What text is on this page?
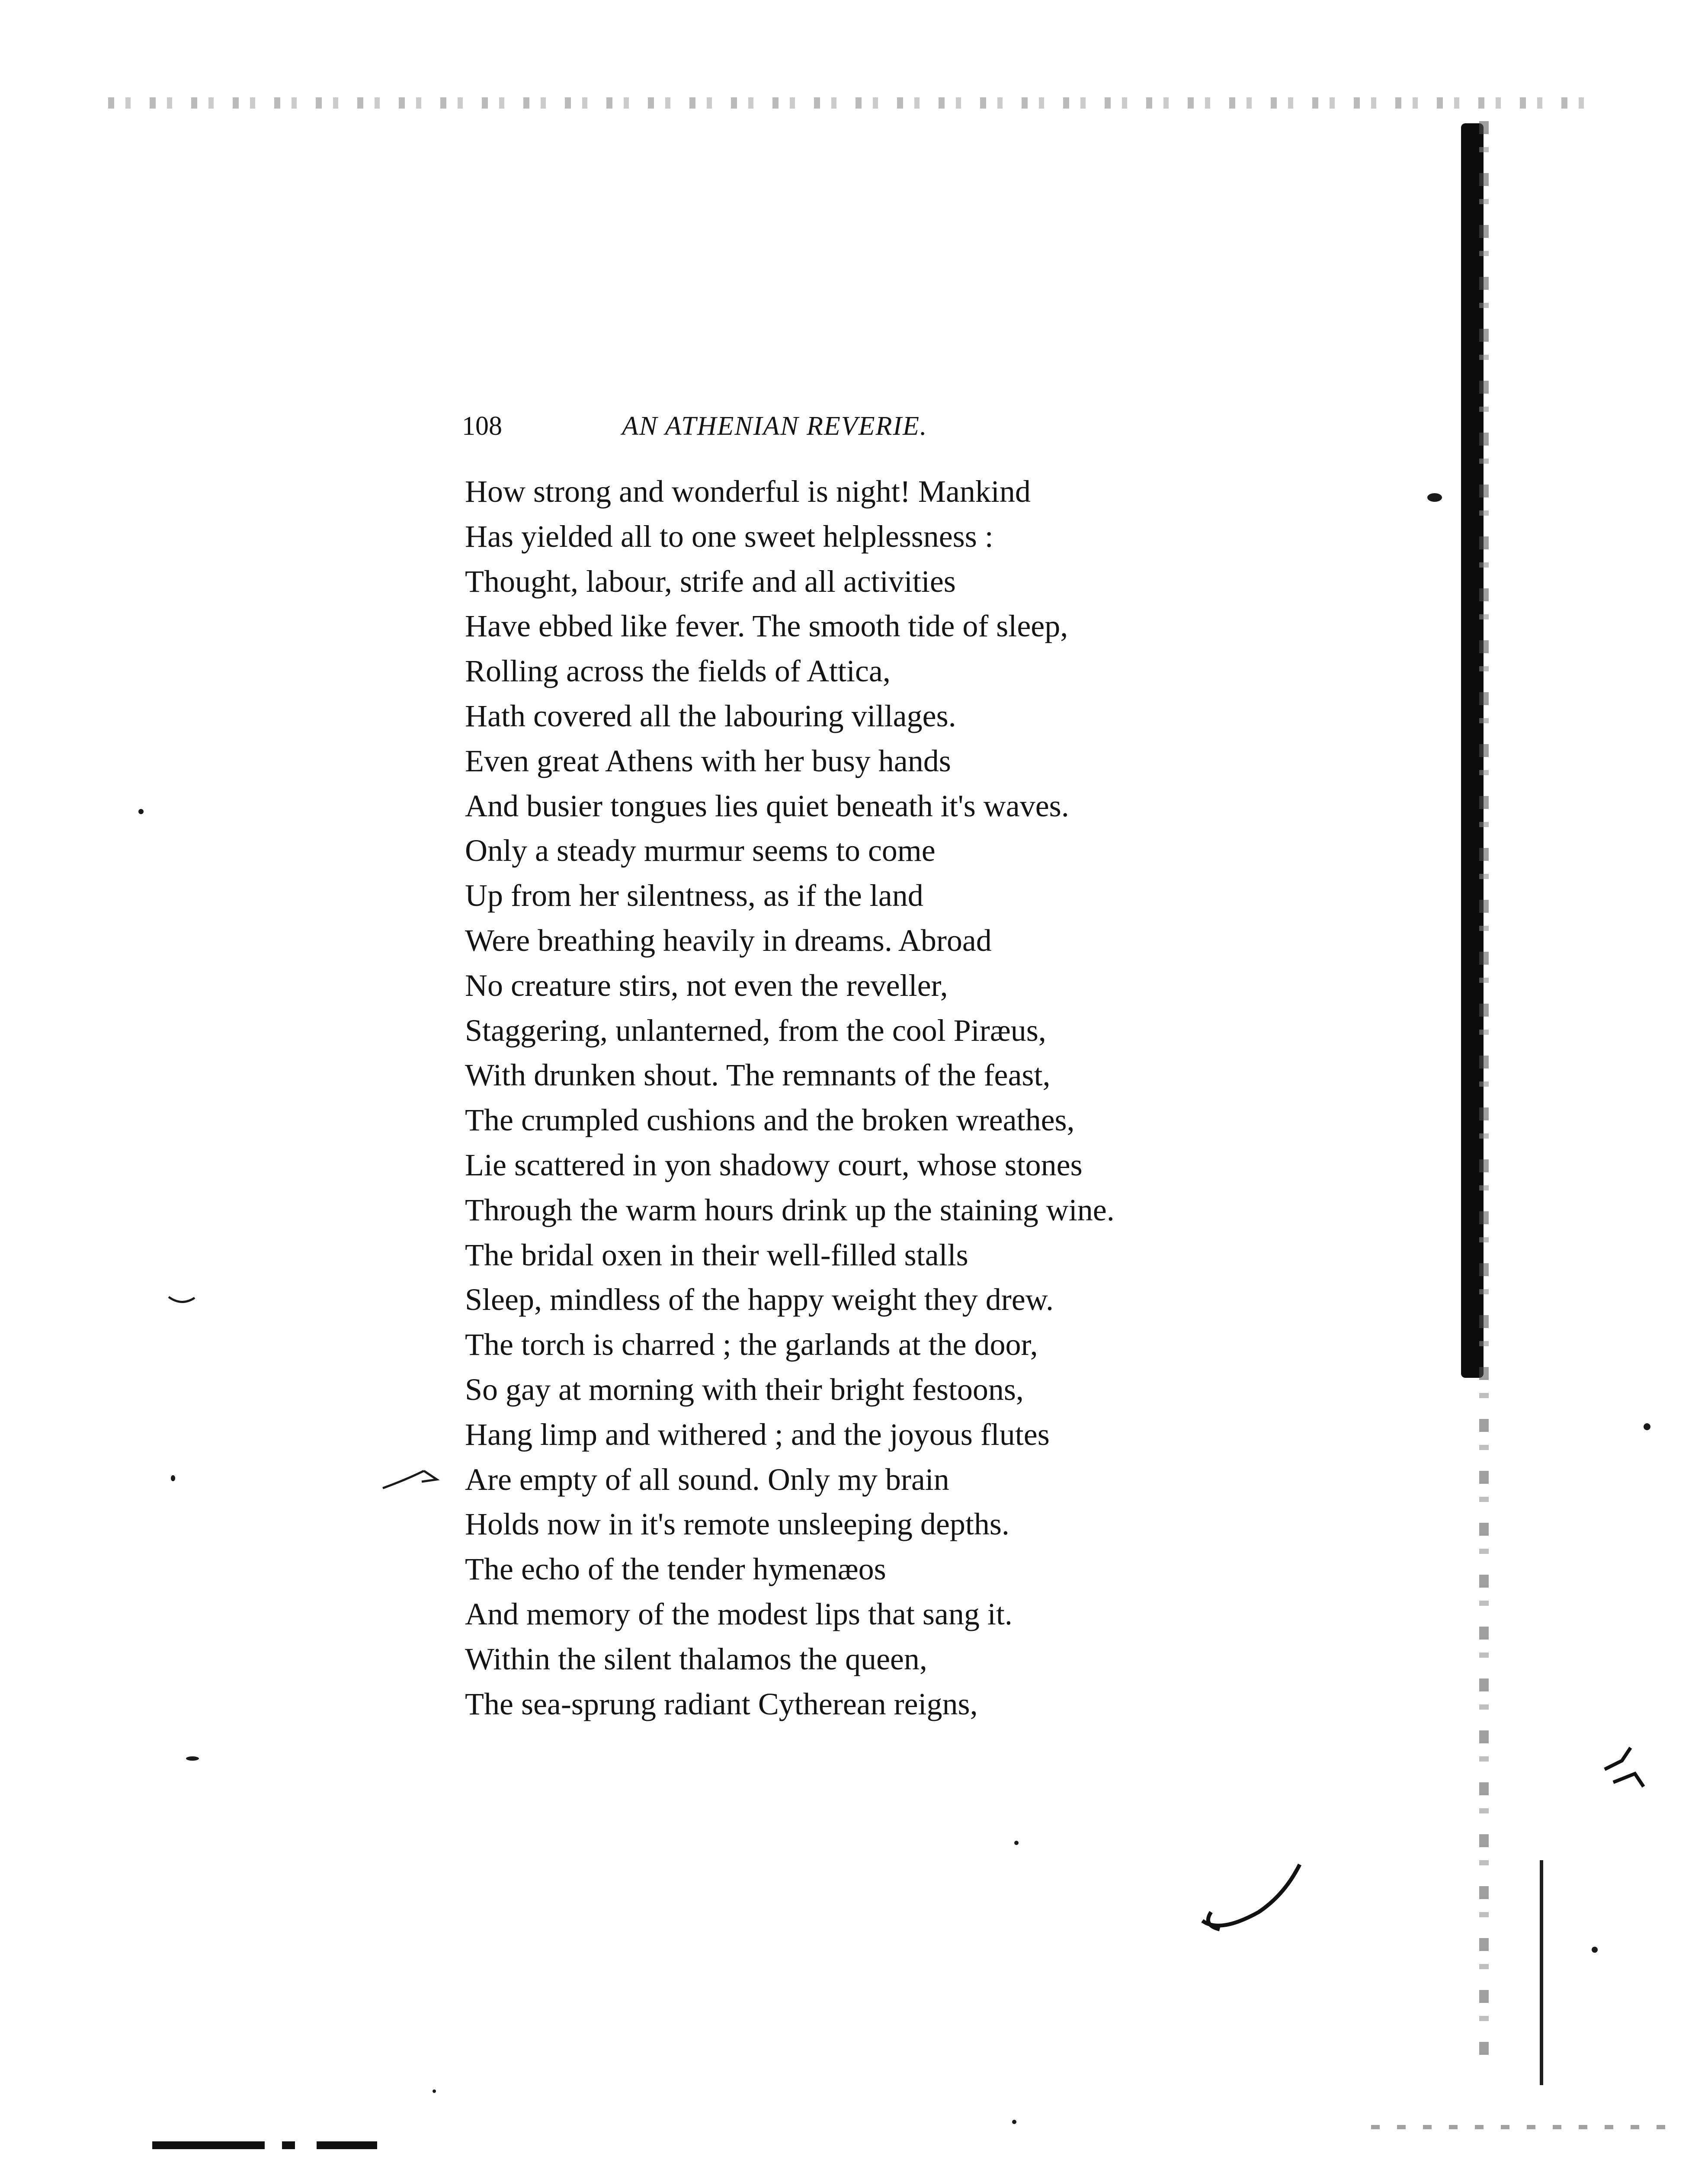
108	AN ATHENIAN REVERIE.
How strong and wonderful is night! Mankind
Has yielded all to one sweet helplessness :
Thought, labour, strife and all activities
Have ebbed like fever. The smooth tide of sleep,
Rolling across the fields of Attica,
Hath covered all the labouring villages.
Even great Athens with her busy hands
And busier tongues lies quiet beneath it's waves.
Only a steady murmur seems to come
Up from her silentness, as if the land
Were breathing heavily in dreams. Abroad
No creature stirs, not even the reveller,
Staggering, unlanterned, from the cool Piræus,
With drunken shout. The remnants of the feast,
The crumpled cushions and the broken wreathes,
Lie scattered in yon shadowy court, whose stones
Through the warm hours drink up the staining wine.
The bridal oxen in their well-filled stalls
Sleep, mindless of the happy weight they drew.
The torch is charred ; the garlands at the door,
So gay at morning with their bright festoons,
Hang limp and withered ; and the joyous flutes
Are empty of all sound. Only my brain
Holds now in it's remote unsleeping depths.
The echo of the tender hymenæos
And memory of the modest lips that sang it.
Within the silent thalamos the queen,
The sea-sprung radiant Cytherean reigns,
